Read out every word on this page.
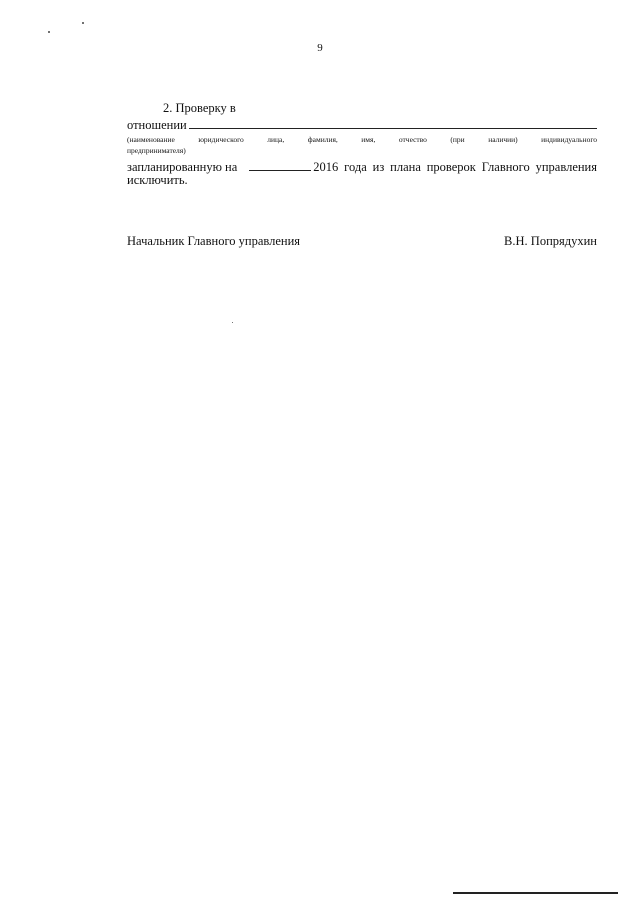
9
2. Проверку в
отношении
(наименование юридического лица, фамилия, имя, отчество (при наличии) индивидуального
предпринимателя)
запланированную на	2016 года из плана проверок Главного управления
исключить.
Начальник Главного управления	В.Н. Попрядухин
